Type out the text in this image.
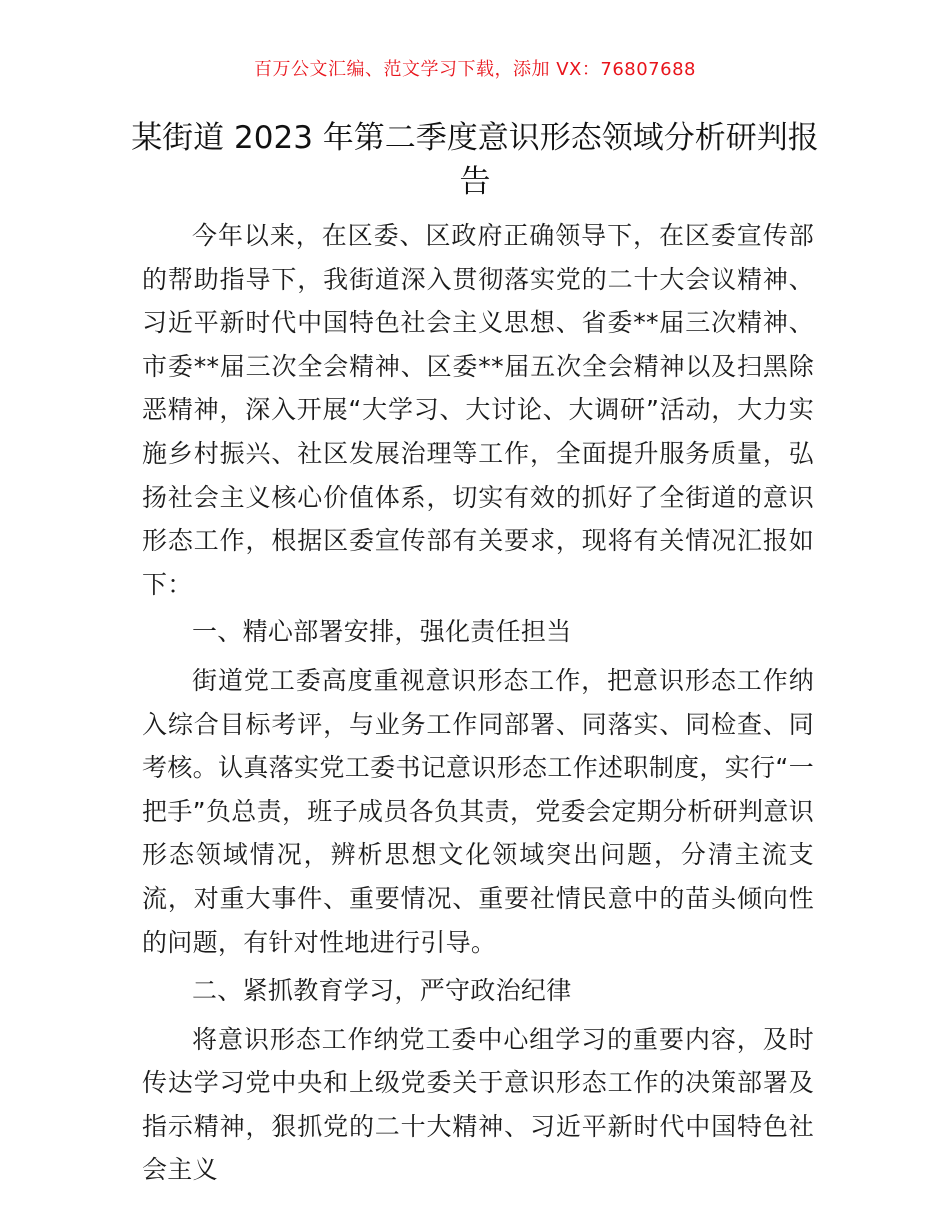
百万公文汇编、范文学习下载，添加 VX：76807688
某街道 2023 年第二季度意识形态领域分析研判报告

今年以来，在区委、区政府正确领导下，在区委宣传部的帮助指导下，我街道深入贯彻落实党的二十大会议精神、习近平新时代中国特色社会主义思想、省委**届三次精神、市委**届三次全会精神、区委**届五次全会精神以及扫黑除恶精神，深入开展“大学习、大讨论、大调研”活动，大力实施乡村振兴、社区发展治理等工作，全面提升服务质量，弘扬社会主义核心价值体系，切实有效的抓好了全街道的意识形态工作，根据区委宣传部有关要求，现将有关情况汇报如下：

一、精心部署安排，强化责任担当

街道党工委高度重视意识形态工作，把意识形态工作纳入综合目标考评，与业务工作同部署、同落实、同检查、同考核。认真落实党工委书记意识形态工作述职制度，实行“一把手”负总责，班子成员各负其责，党委会定期分析研判意识形态领域情况，辨析思想文化领域突出问题，分清主流支流，对重大事件、重要情况、重要社情民意中的苗头倾向性的问题，有针对性地进行引导。

二、紧抓教育学习，严守政治纪律

将意识形态工作纳党工委中心组学习的重要内容，及时传达学习党中央和上级党委关于意识形态工作的决策部署及指示精神，狠抓党的二十大精神、习近平新时代中国特色社会主义
